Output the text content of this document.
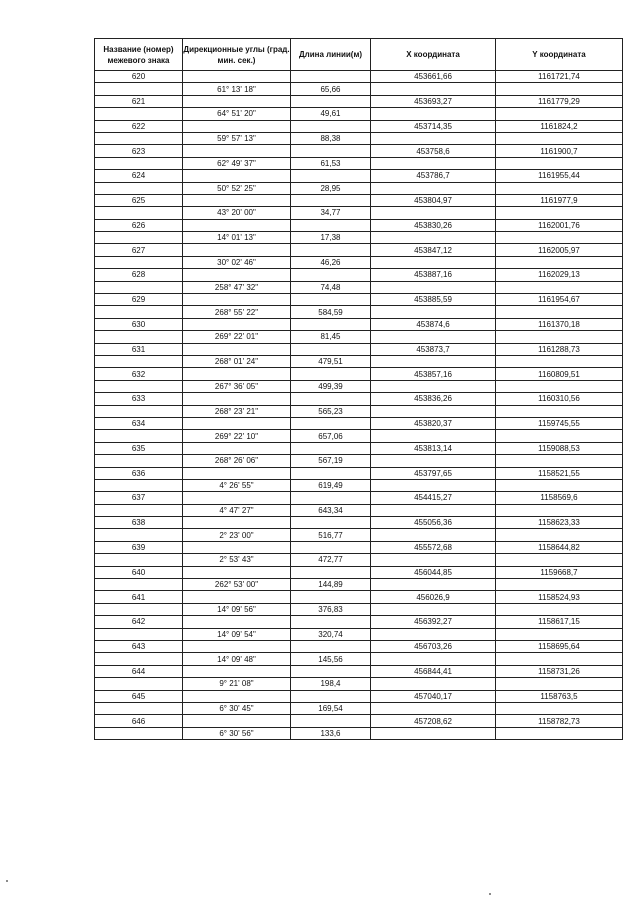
Название (номер) межевого знака	Дирекционные углы (град. мин. сек.)	Длина линии(м)	X координата	Y координата
620			453661,66	1161721,74
	61° 13' 18"	65,66		
621			453693,27	1161779,29
	64° 51' 20"	49,61		
622			453714,35	1161824,2
	59° 57' 13"	88,38		
623			453758,6	1161900,7
	62° 49' 37"	61,53		
624			453786,7	1161955,44
	50° 52' 25"	28,95		
625			453804,97	1161977,9
	43° 20' 00"	34,77		
626			453830,26	1162001,76
	14° 01' 13"	17,38		
627			453847,12	1162005,97
	30° 02' 46"	46,26		
628			453887,16	1162029,13
	258° 47' 32"	74,48		
629			453885,59	1161954,67
	268° 55' 22"	584,59		
630			453874,6	1161370,18
	269° 22' 01"	81,45		
631			453873,7	1161288,73
	268° 01' 24"	479,51		
632			453857,16	1160809,51
	267° 36' 05"	499,39		
633			453836,26	1160310,56
	268° 23' 21"	565,23		
634			453820,37	1159745,55
	269° 22' 10"	657,06		
635			453813,14	1159088,53
	268° 26' 06"	567,19		
636			453797,65	1158521,55
	4° 26' 55"	619,49		
637			454415,27	1158569,6
	4° 47' 27"	643,34		
638			455056,36	1158623,33
	2° 23' 00"	516,77		
639			455572,68	1158644,82
	2° 53' 43"	472,77		
640			456044,85	1159668,7
	262° 53' 00"	144,89		
641			456026,9	1158524,93
	14° 09' 56"	376,83		
642			456392,27	1158617,15
	14° 09' 54"	320,74		
643			456703,26	1158695,64
	14° 09' 48"	145,56		
644			456844,41	1158731,26
	9° 21' 08"	198,4		
645			457040,17	1158763,5
	6° 30' 45"	169,54		
646			457208,62	1158782,73
	6° 30' 56"	133,6		
